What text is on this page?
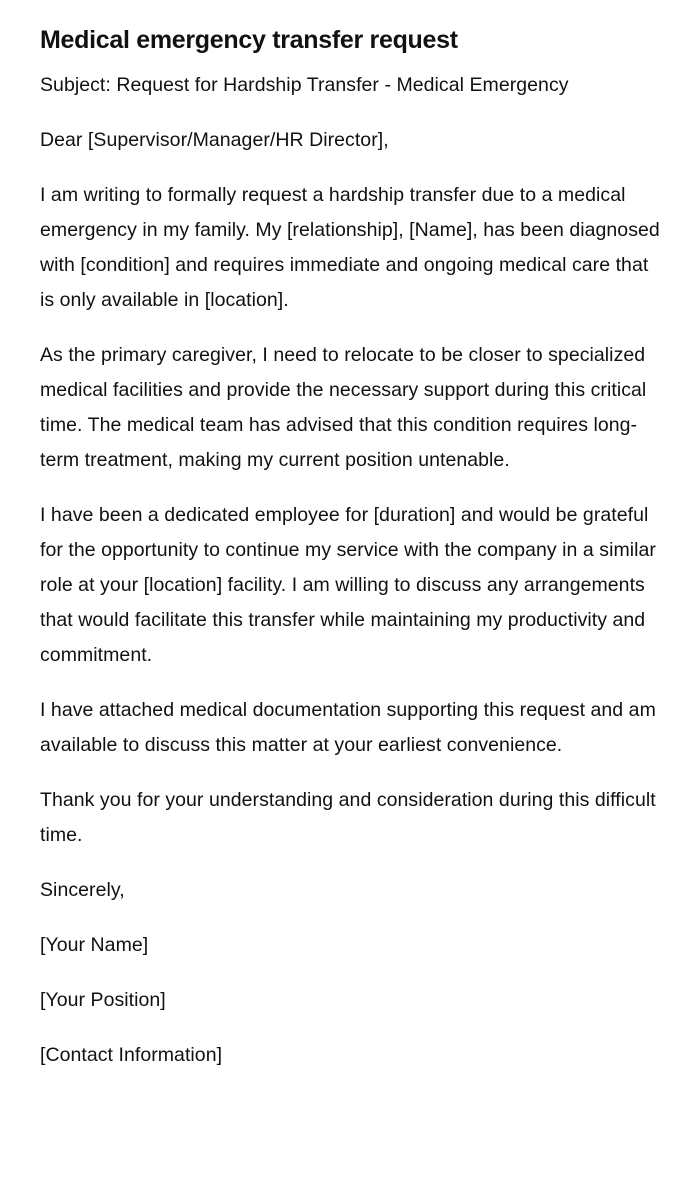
Medical emergency transfer request

Subject: Request for Hardship Transfer - Medical Emergency

Dear [Supervisor/Manager/HR Director],

I am writing to formally request a hardship transfer due to a medical emergency in my family. My [relationship], [Name], has been diagnosed with [condition] and requires immediate and ongoing medical care that is only available in [location].

As the primary caregiver, I need to relocate to be closer to specialized medical facilities and provide the necessary support during this critical time. The medical team has advised that this condition requires long-term treatment, making my current position untenable.

I have been a dedicated employee for [duration] and would be grateful for the opportunity to continue my service with the company in a similar role at your [location] facility. I am willing to discuss any arrangements that would facilitate this transfer while maintaining my productivity and commitment.

I have attached medical documentation supporting this request and am available to discuss this matter at your earliest convenience.

Thank you for your understanding and consideration during this difficult time.

Sincerely,

[Your Name]

[Your Position]

[Contact Information]
